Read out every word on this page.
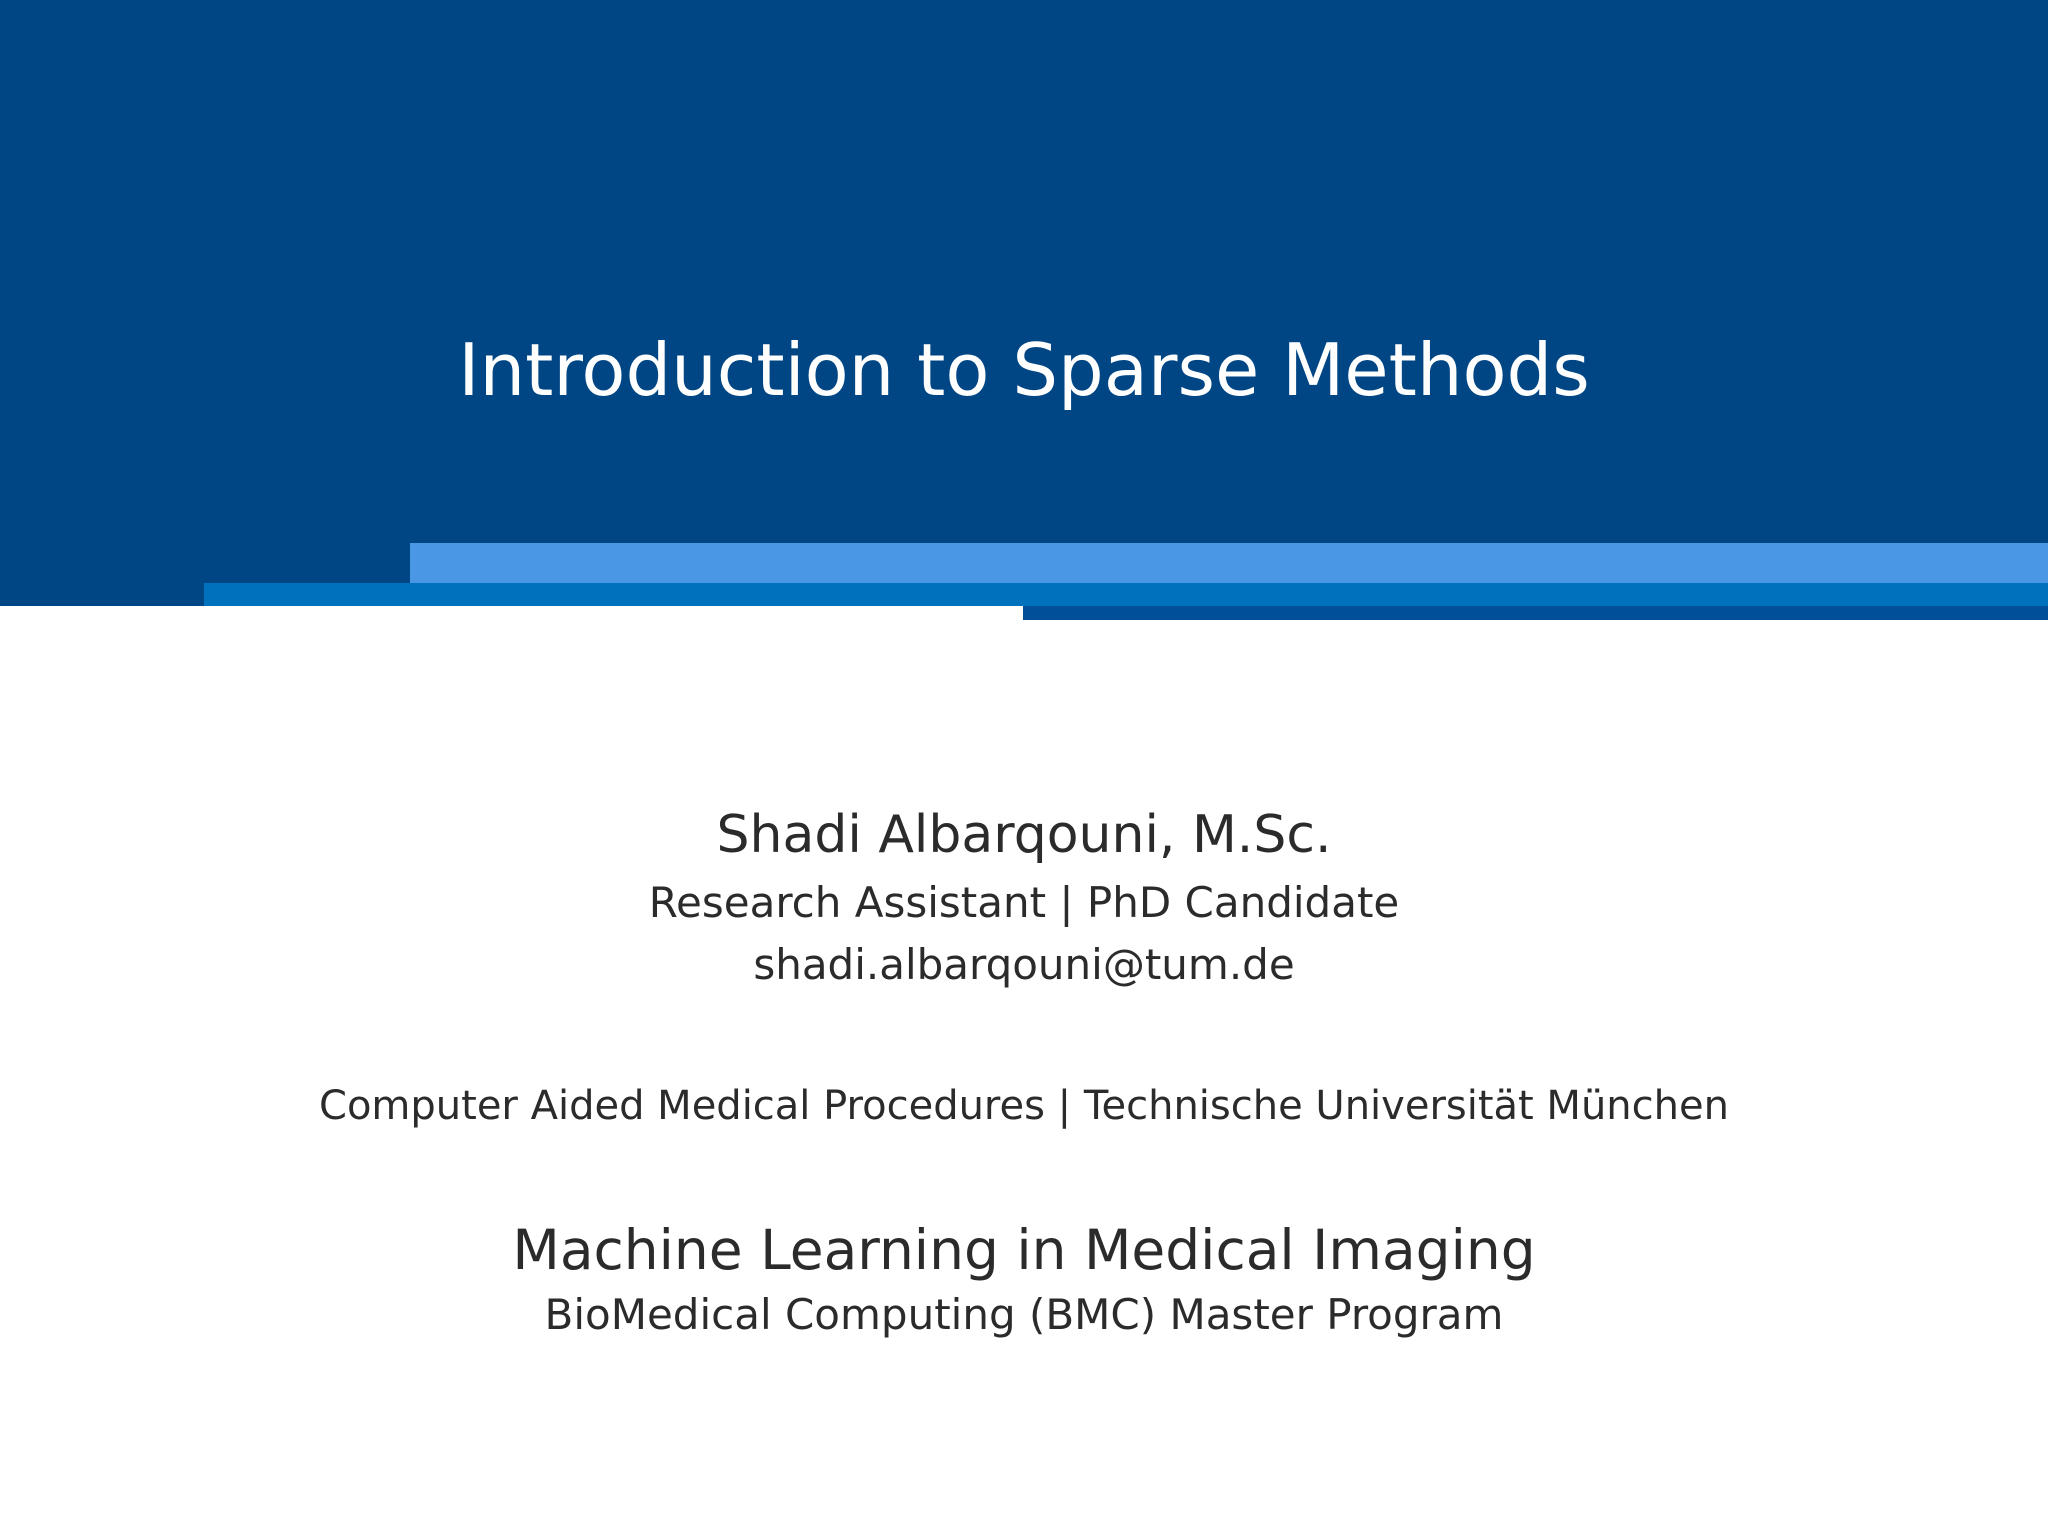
Introduction to Sparse Methods
Shadi Albarqouni, M.Sc.
Research Assistant | PhD Candidate
shadi.albarqouni@tum.de
Computer Aided Medical Procedures | Technische Universität München
Machine Learning in Medical Imaging
BioMedical Computing (BMC) Master Program
